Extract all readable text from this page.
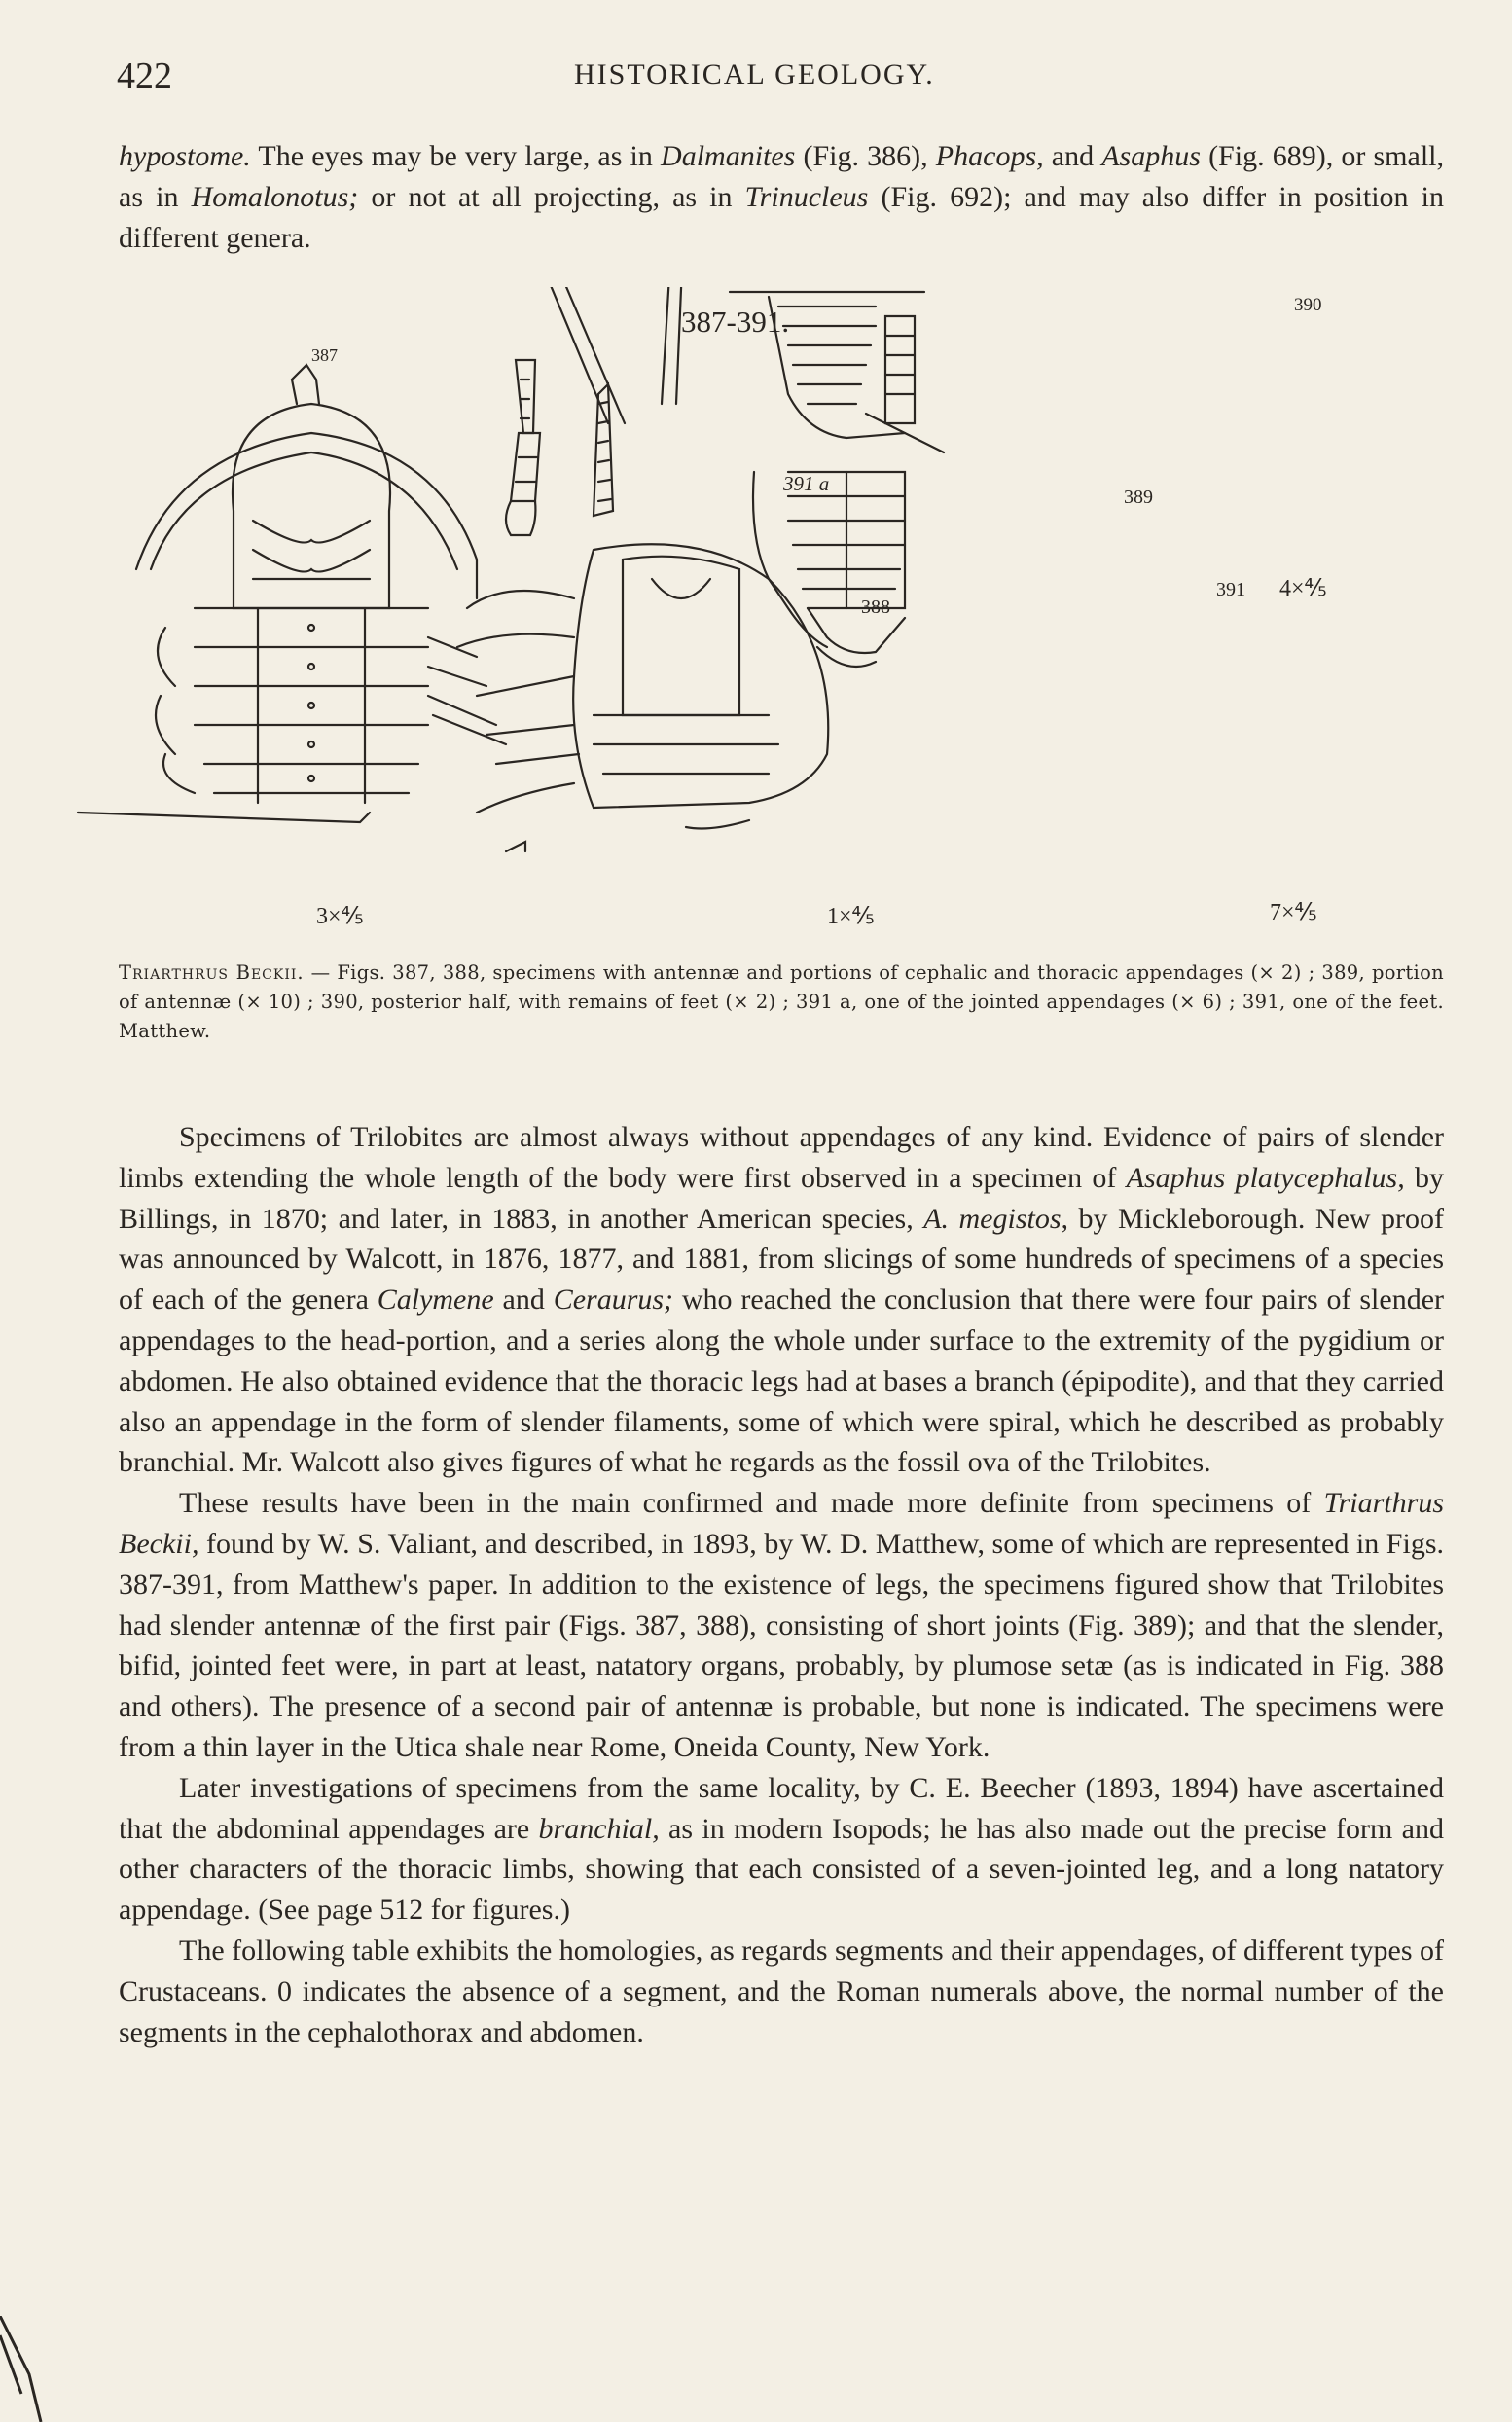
422	HISTORICAL GEOLOGY.
hypostome. The eyes may be very large, as in Dalmanites (Fig. 386), Phacops, and Asaphus (Fig. 689), or small, as in Homalonotus; or not at all projecting, as in Trinucleus (Fig. 692); and may also differ in position in different genera.
387-391.
387
391 a
388
390
389
391 4×⅘
3×⅘	1×⅘	7×⅘
Triarthrus Beckii. — Figs. 387, 388, specimens with antennæ and portions of cephalic and thoracic appendages (× 2) ; 389, portion of antennæ (× 10) ; 390, posterior half, with remains of feet (× 2) ; 391 a, one of the jointed appendages (× 6) ; 391, one of the feet. Matthew.

Specimens of Trilobites are almost always without appendages of any kind. Evidence of pairs of slender limbs extending the whole length of the body were first observed in a specimen of Asaphus platycephalus, by Billings, in 1870; and later, in 1883, in another American species, A. megistos, by Mickleborough. New proof was announced by Walcott, in 1876, 1877, and 1881, from slicings of some hundreds of specimens of a species of each of the genera Calymene and Ceraurus; who reached the conclusion that there were four pairs of slender appendages to the head-portion, and a series along the whole under surface to the extremity of the pygidium or abdomen. He also obtained evidence that the thoracic legs had at bases a branch (épipodite), and that they carried also an appendage in the form of slender filaments, some of which were spiral, which he described as probably branchial. Mr. Walcott also gives figures of what he regards as the fossil ova of the Trilobites.

These results have been in the main confirmed and made more definite from specimens of Triarthrus Beckii, found by W. S. Valiant, and described, in 1893, by W. D. Matthew, some of which are represented in Figs. 387-391, from Matthew's paper. In addition to the existence of legs, the specimens figured show that Trilobites had slender antennæ of the first pair (Figs. 387, 388), consisting of short joints (Fig. 389); and that the slender, bifid, jointed feet were, in part at least, natatory organs, probably, by plumose setæ (as is indicated in Fig. 388 and others). The presence of a second pair of antennæ is probable, but none is indicated. The specimens were from a thin layer in the Utica shale near Rome, Oneida County, New York.

Later investigations of specimens from the same locality, by C. E. Beecher (1893, 1894) have ascertained that the abdominal appendages are branchial, as in modern Isopods; he has also made out the precise form and other characters of the thoracic limbs, showing that each consisted of a seven-jointed leg, and a long natatory appendage. (See page 512 for figures.)

The following table exhibits the homologies, as regards segments and their appendages, of different types of Crustaceans. 0 indicates the absence of a segment, and the Roman numerals above, the normal number of the segments in the cephalothorax and abdomen.
